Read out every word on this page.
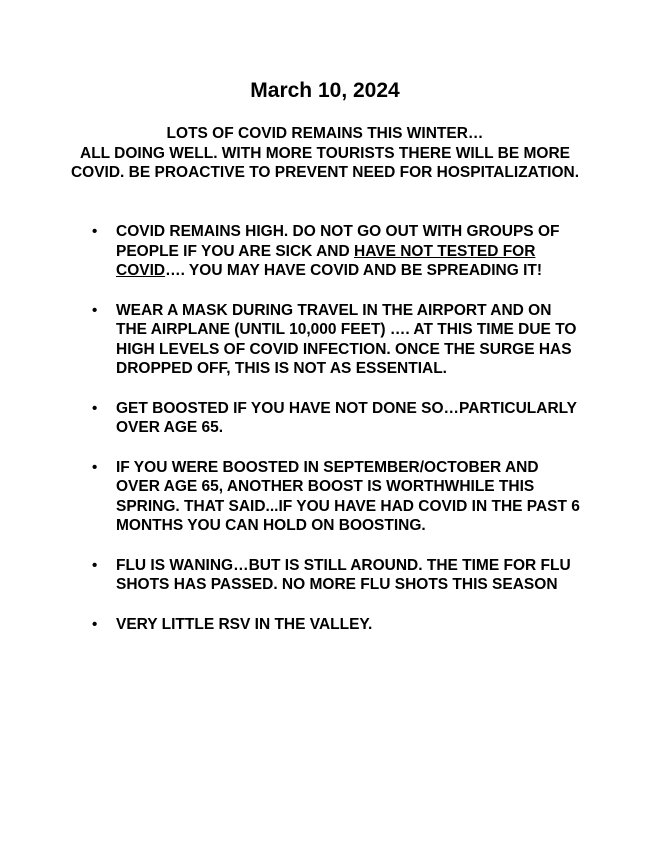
March 10, 2024

LOTS OF COVID REMAINS THIS WINTER…

ALL DOING WELL. WITH MORE TOURISTS THERE WILL BE MORE COVID. BE PROACTIVE TO PREVENT NEED FOR HOSPITALIZATION.

•	COVID REMAINS HIGH. DO NOT GO OUT WITH GROUPS OF PEOPLE IF YOU ARE SICK AND HAVE NOT TESTED FOR COVID…. YOU MAY HAVE COVID AND BE SPREADING IT!
•	WEAR A MASK DURING TRAVEL IN THE AIRPORT AND ON THE AIRPLANE (UNTIL 10,000 FEET) …. AT THIS TIME DUE TO HIGH LEVELS OF COVID INFECTION. ONCE THE SURGE HAS DROPPED OFF, THIS IS NOT AS ESSENTIAL.
•	GET BOOSTED IF YOU HAVE NOT DONE SO…PARTICULARLY OVER AGE 65.
•	IF YOU WERE BOOSTED IN SEPTEMBER/OCTOBER AND OVER AGE 65, ANOTHER BOOST IS WORTHWHILE THIS SPRING. THAT SAID...IF YOU HAVE HAD COVID IN THE PAST 6 MONTHS YOU CAN HOLD ON BOOSTING.
•	FLU IS WANING…BUT IS STILL AROUND. THE TIME FOR FLU SHOTS HAS PASSED. NO MORE FLU SHOTS THIS SEASON
•	VERY LITTLE RSV IN THE VALLEY.
